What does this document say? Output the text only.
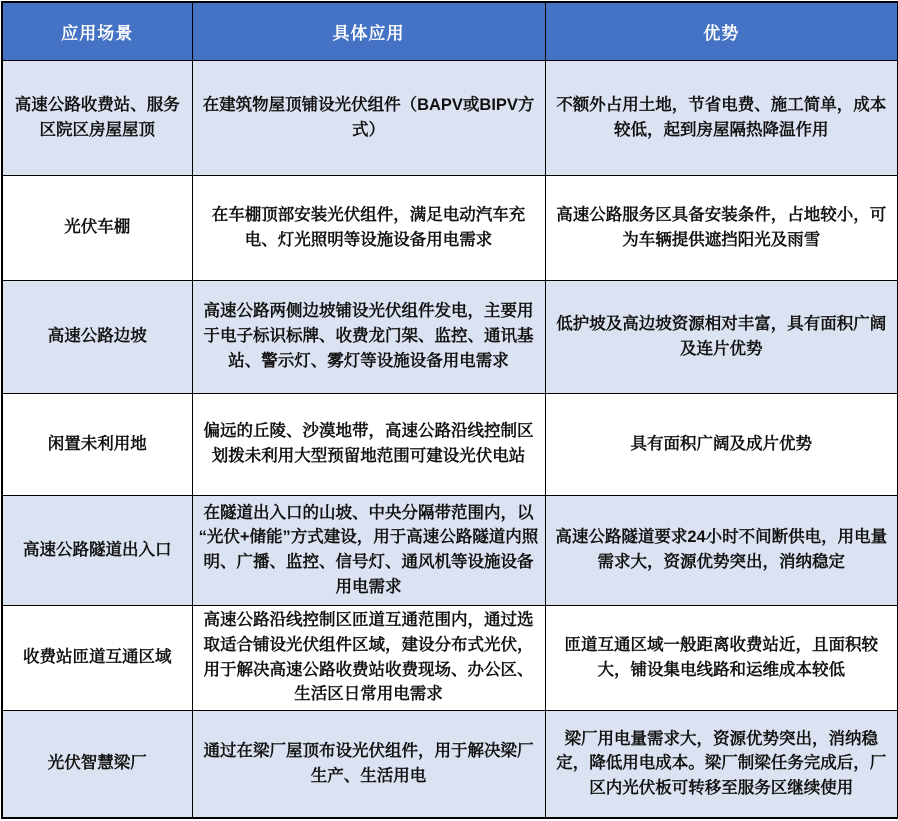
应用场景	具体应用	优势
高速公路收费站、服务区院区房屋屋顶	在建筑物屋顶铺设光伏组件（BAPV或BIPV方式）	不额外占用土地，节省电费、施工简单，成本较低，起到房屋隔热降温作用
光伏车棚	在车棚顶部安装光伏组件，满足电动汽车充电、灯光照明等设施设备用电需求	高速公路服务区具备安装条件，占地较小，可为车辆提供遮挡阳光及雨雪
高速公路边坡	高速公路两侧边坡铺设光伏组件发电，主要用于电子标识标牌、收费龙门架、监控、通讯基站、警示灯、雾灯等设施设备用电需求	低护坡及高边坡资源相对丰富，具有面积广阔及连片优势
闲置未利用地	偏远的丘陵、沙漠地带，高速公路沿线控制区划拨未利用大型预留地范围可建设光伏电站	具有面积广阔及成片优势
高速公路隧道出入口	在隧道出入口的山坡、中央分隔带范围内，以“光伏+储能”方式建设，用于高速公路隧道内照明、广播、监控、信号灯、通风机等设施设备用电需求	高速公路隧道要求24小时不间断供电，用电量需求大，资源优势突出，消纳稳定
收费站匝道互通区域	高速公路沿线控制区匝道互通范围内，通过选取适合铺设光伏组件区域，建设分布式光伏，用于解决高速公路收费站收费现场、办公区、生活区日常用电需求	匝道互通区域一般距离收费站近，且面积较大，铺设集电线路和运维成本较低
光伏智慧梁厂	通过在梁厂屋顶布设光伏组件，用于解决梁厂生产、生活用电	梁厂用电量需求大，资源优势突出，消纳稳定，降低用电成本。梁厂制梁任务完成后，厂区内光伏板可转移至服务区继续使用
